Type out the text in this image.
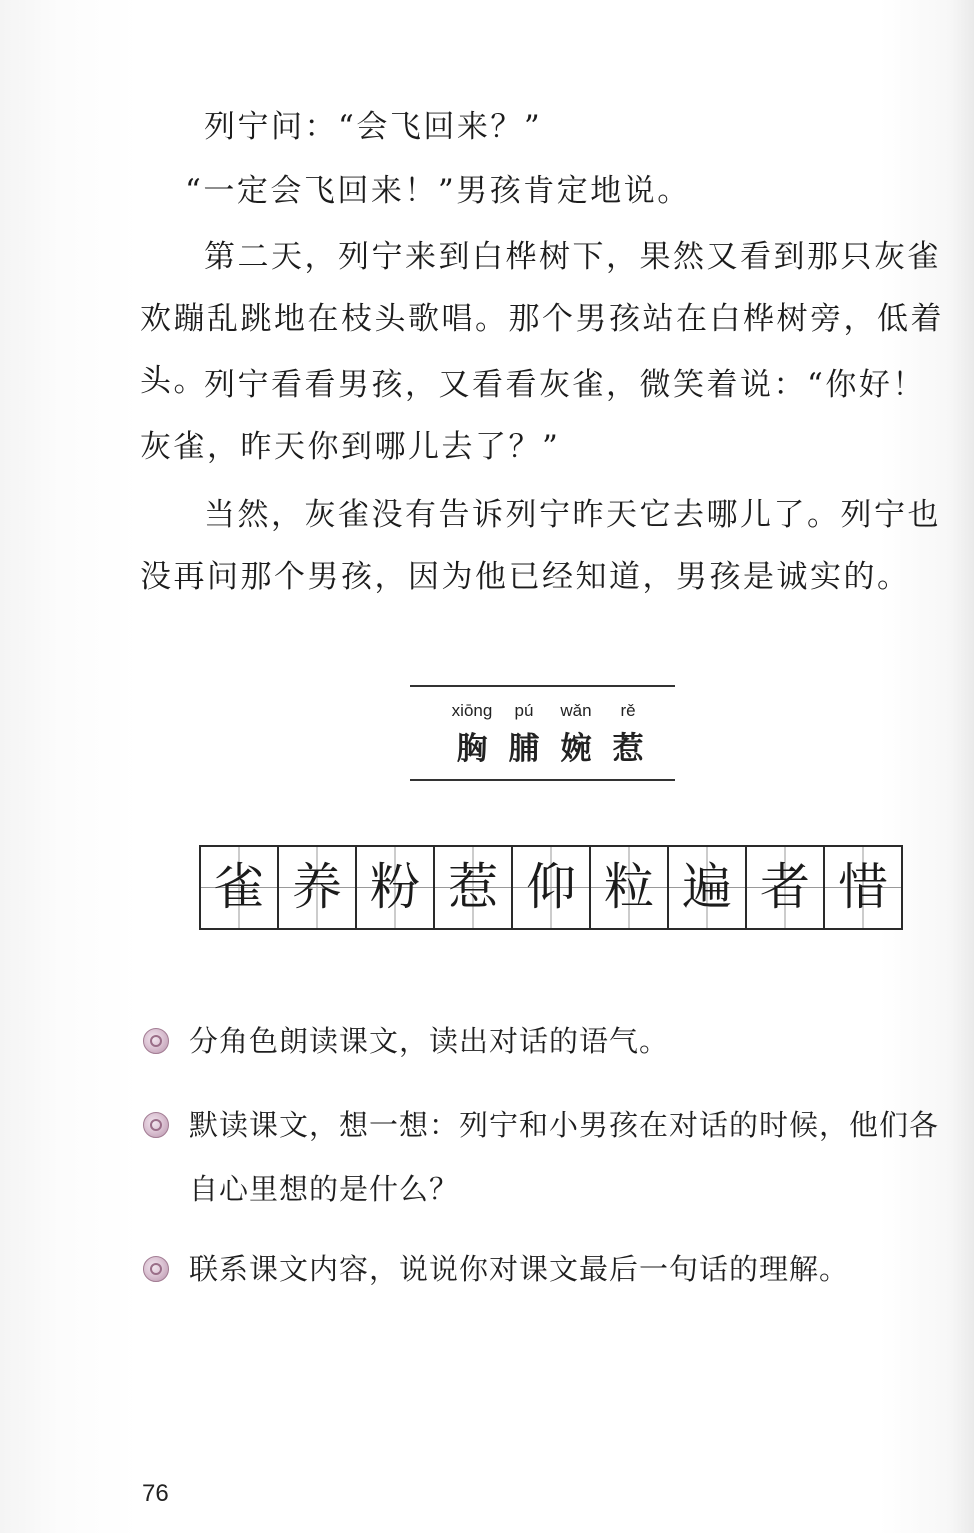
列宁问：“会飞回来？”

“一定会飞回来！”男孩肯定地说。

第二天，列宁来到白桦树下，果然又看到那只灰雀欢蹦乱跳地在枝头歌唱。那个男孩站在白桦树旁，低着头。

列宁看看男孩，又看看灰雀，微笑着说：“你好！灰雀，昨天你到哪儿去了？”

当然，灰雀没有告诉列宁昨天它去哪儿了。列宁也没再问那个男孩，因为他已经知道，男孩是诚实的。

xiōng	pú	wǎn	rě
胸 脯 婉 惹
雀 养 粉 惹 仰 粒 遍 者 惜
分角色朗读课文，读出对话的语气。
默读课文，想一想：列宁和小男孩在对话的时候，他们各自心里想的是什么？
联系课文内容，说说你对课文最后一句话的理解。
76
